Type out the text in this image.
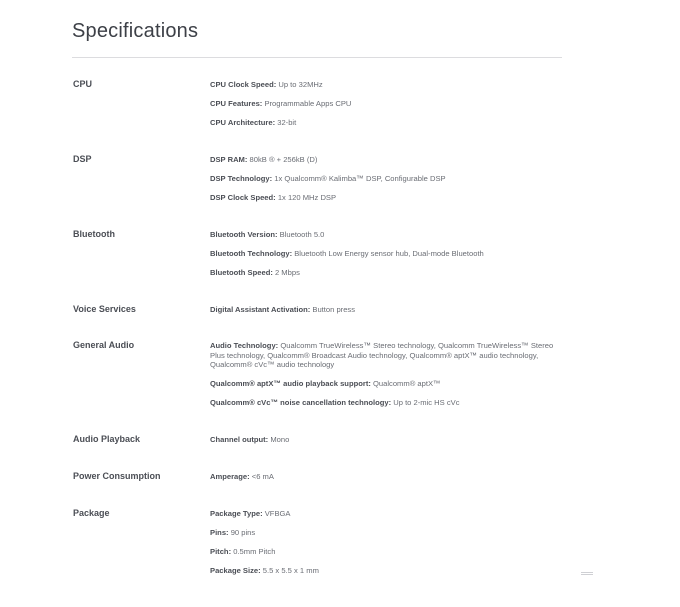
Specifications
CPU	CPU Clock Speed: Up to 32MHz
CPU Features: Programmable Apps CPU
CPU Architecture: 32-bit
DSP	DSP RAM: 80kB ® + 256kB (D)
DSP Technology: 1x Qualcomm® Kalimba™ DSP, Configurable DSP
DSP Clock Speed: 1x 120 MHz DSP
Bluetooth	Bluetooth Version: Bluetooth 5.0
Bluetooth Technology: Bluetooth Low Energy sensor hub, Dual-mode Bluetooth
Bluetooth Speed: 2 Mbps
Voice Services	Digital Assistant Activation: Button press
General Audio	Audio Technology: Qualcomm TrueWireless™ Stereo technology, Qualcomm TrueWireless™ Stereo Plus technology, Qualcomm® Broadcast Audio technology, Qualcomm® aptX™ audio technology, Qualcomm® cVc™ audio technology
Qualcomm® aptX™ audio playback support: Qualcomm® aptX™
Qualcomm® cVc™ noise cancellation technology: Up to 2-mic HS cVc
Audio Playback	Channel output: Mono
Power Consumption	Amperage: <6 mA
Package	Package Type: VFBGA
Pins: 90 pins
Pitch: 0.5mm Pitch
Package Size: 5.5 x 5.5 x 1 mm
